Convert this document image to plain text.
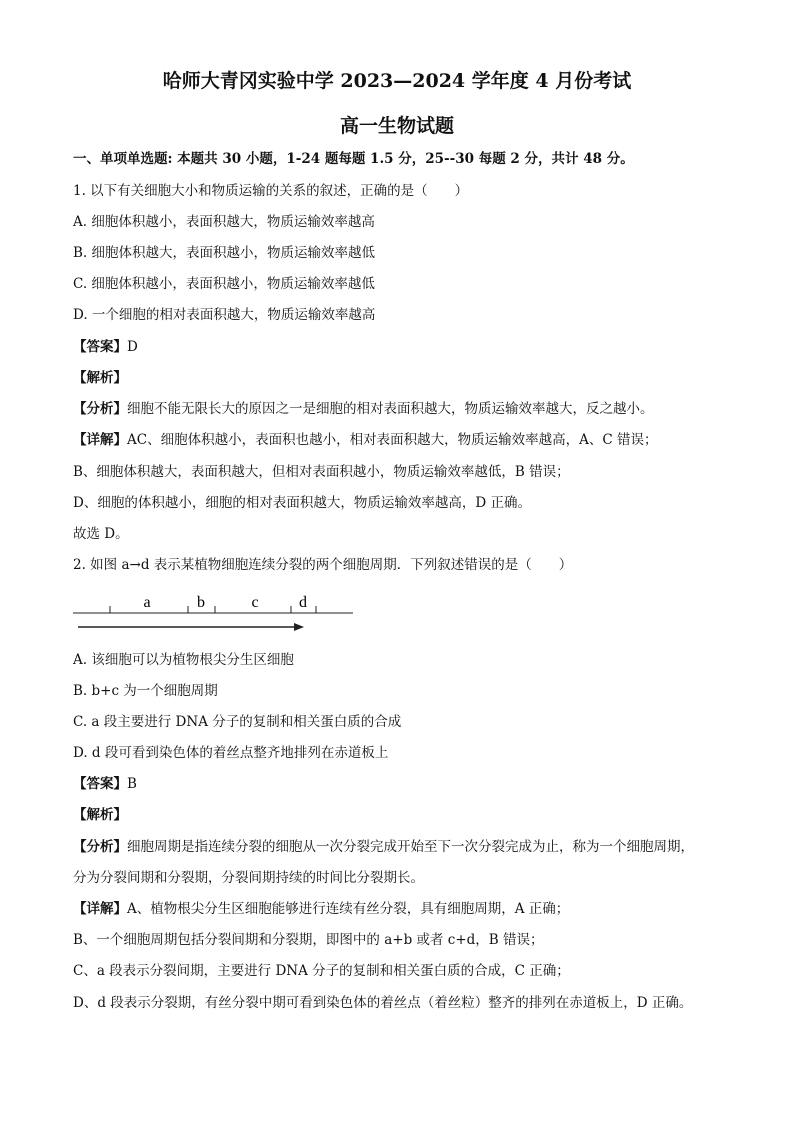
哈师大青冈实验中学 2023—2024 学年度 4 月份考试
高一生物试题
一、单项单选题: 本题共 30 小题，1-24 题每题 1.5 分，25--30 每题 2 分，共计 48 分。
1. 以下有关细胞大小和物质运输的关系的叙述，正确的是（　　）
A. 细胞体积越小，表面积越大，物质运输效率越高
B. 细胞体积越大，表面积越小，物质运输效率越低
C. 细胞体积越小，表面积越小，物质运输效率越低
D. 一个细胞的相对表面积越大，物质运输效率越高
【答案】D
【解析】
【分析】细胞不能无限长大的原因之一是细胞的相对表面积越大，物质运输效率越大，反之越小。
【详解】AC、细胞体积越小，表面积也越小，相对表面积越大，物质运输效率越高，A、C 错误；
B、细胞体积越大，表面积越大，但相对表面积越小，物质运输效率越低，B 错误；
D、细胞的体积越小，细胞的相对表面积越大，物质运输效率越高，D 正确。
故选 D。
2. 如图 a→d 表示某植物细胞连续分裂的两个细胞周期．下列叙述错误的是（　　）
a	b	c	d
A. 该细胞可以为植物根尖分生区细胞
B. b+c 为一个细胞周期
C. a 段主要进行 DNA 分子的复制和相关蛋白质的合成
D. d 段可看到染色体的着丝点整齐地排列在赤道板上
【答案】B
【解析】
【分析】细胞周期是指连续分裂的细胞从一次分裂完成开始至下一次分裂完成为止，称为一个细胞周期，
分为分裂间期和分裂期，分裂间期持续的时间比分裂期长。
【详解】A、植物根尖分生区细胞能够进行连续有丝分裂，具有细胞周期，A 正确；
B、一个细胞周期包括分裂间期和分裂期，即图中的 a+b 或者 c+d，B 错误；
C、a 段表示分裂间期，主要进行 DNA 分子的复制和相关蛋白质的合成，C 正确；
D、d 段表示分裂期，有丝分裂中期可看到染色体的着丝点（着丝粒）整齐的排列在赤道板上，D 正确。
